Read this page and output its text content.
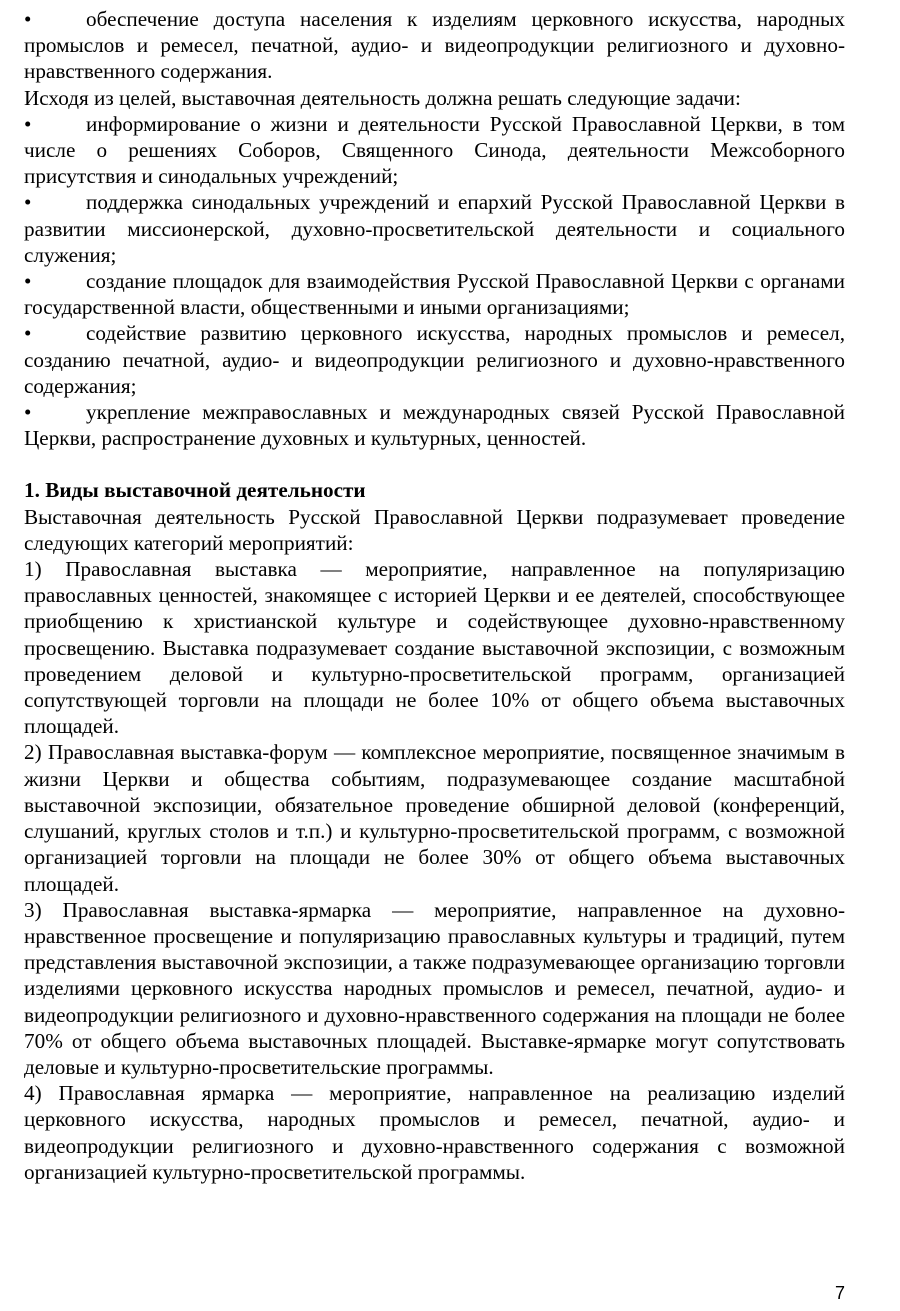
•	обеспечение доступа населения к изделиям церковного искусства, народных промыслов и ремесел, печатной, аудио- и видеопродукции религиозного и духовно-нравственного содержания.

Исходя из целей, выставочная деятельность должна решать следующие задачи:

•	информирование о жизни и деятельности Русской Православной Церкви, в том числе о решениях Соборов, Священного Синода, деятельности Межсоборного присутствия и синодальных учреждений;

•	поддержка синодальных учреждений и епархий Русской Православной Церкви в развитии миссионерской, духовно-просветительской деятельности и социального служения;

•	создание площадок для взаимодействия Русской Православной Церкви с органами государственной власти, общественными и иными организациями;

•	содействие развитию церковного искусства, народных промыслов и ремесел, созданию печатной, аудио- и видеопродукции религиозного и духовно-нравственного содержания;

•	укрепление межправославных и международных связей Русской Православной Церкви, распространение духовных и культурных, ценностей.

1. Виды выставочной деятельности

Выставочная деятельность Русской Православной Церкви подразумевает проведение следующих категорий мероприятий:

1) Православная выставка — мероприятие, направленное на популяризацию православных ценностей, знакомящее с историей Церкви и ее деятелей, способствующее приобщению к христианской культуре и содействующее духовно-нравственному просвещению. Выставка подразумевает создание выставочной экспозиции, с возможным проведением деловой и культурно-просветительской программ, организацией сопутствующей торговли на площади не более 10% от общего объема выставочных площадей.

2) Православная выставка-форум — комплексное мероприятие, посвященное значимым в жизни Церкви и общества событиям, подразумевающее создание масштабной выставочной экспозиции, обязательное проведение обширной деловой (конференций, слушаний, круглых столов и т.п.) и культурно-просветительской программ, с возможной организацией торговли на площади не более 30% от общего объема выставочных площадей.

3) Православная выставка-ярмарка — мероприятие, направленное на духовно-нравственное просвещение и популяризацию православных культуры и традиций, путем представления выставочной экспозиции, а также подразумевающее организацию торговли изделиями церковного искусства народных промыслов и ремесел, печатной, аудио- и видеопродукции религиозного и духовно-нравственного содержания на площади не более 70% от общего объема выставочных площадей. Выставке-ярмарке могут сопутствовать деловые и культурно-просветительские программы.

4) Православная ярмарка — мероприятие, направленное на реализацию изделий церковного искусства, народных промыслов и ремесел, печатной, аудио- и видеопродукции религиозного и духовно-нравственного содержания с возможной организацией культурно-просветительской программы.

7
